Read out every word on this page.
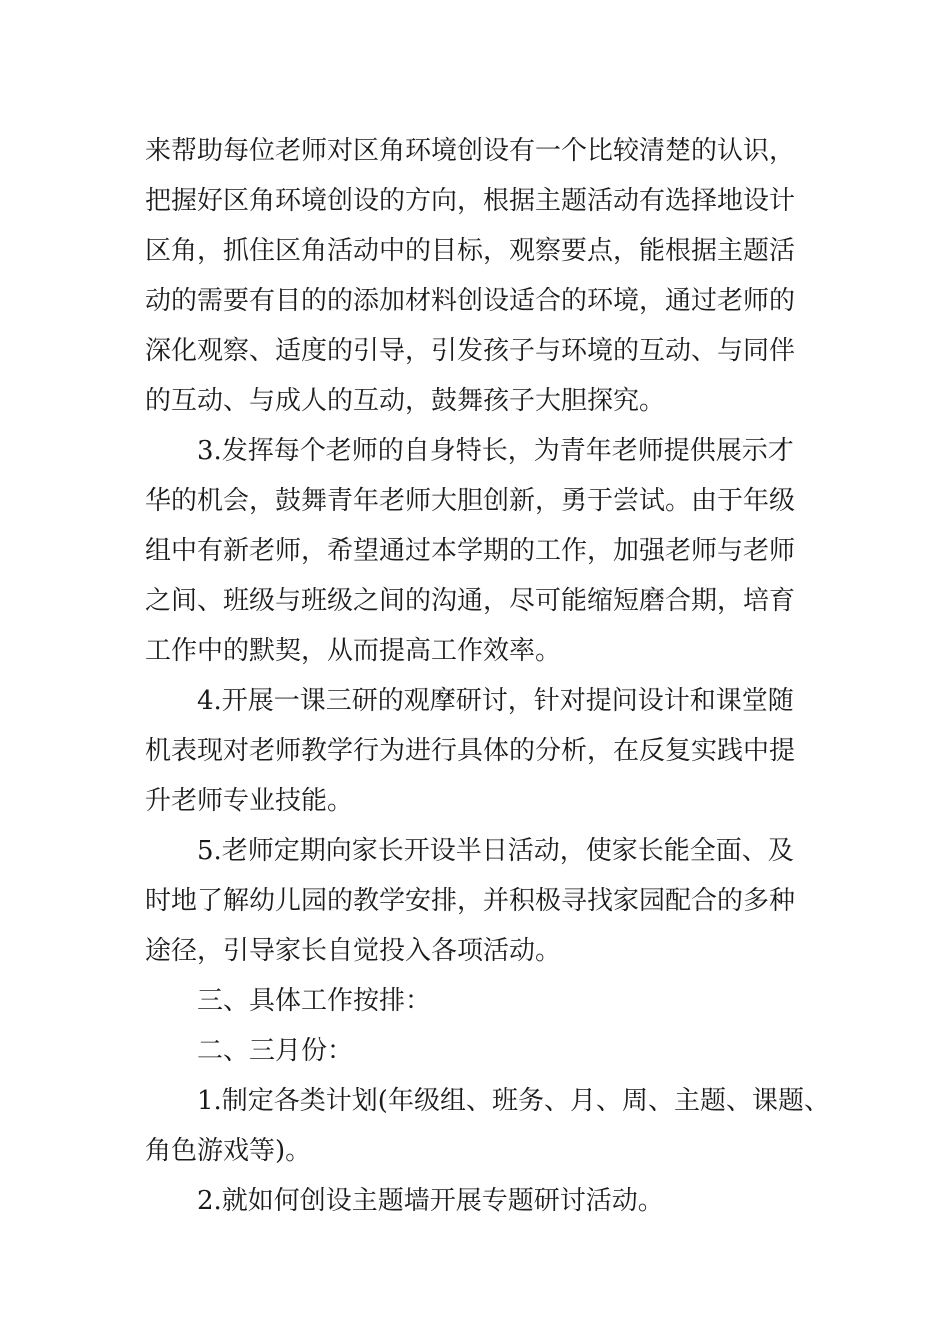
来帮助每位老师对区角环境创设有一个比较清楚的认识，

把握好区角环境创设的方向，根据主题活动有选择地设计

区角，抓住区角活动中的目标，观察要点，能根据主题活

动的需要有目的的添加材料创设适合的环境，通过老师的

深化观察、适度的引导，引发孩子与环境的互动、与同伴

的互动、与成人的互动，鼓舞孩子大胆探究。

　　3.发挥每个老师的自身特长，为青年老师提供展示才

华的机会，鼓舞青年老师大胆创新，勇于尝试。由于年级

组中有新老师，希望通过本学期的工作，加强老师与老师

之间、班级与班级之间的沟通，尽可能缩短磨合期，培育

工作中的默契，从而提高工作效率。

　　4.开展一课三研的观摩研讨，针对提问设计和课堂随

机表现对老师教学行为进行具体的分析，在反复实践中提

升老师专业技能。

　　5.老师定期向家长开设半日活动，使家长能全面、及

时地了解幼儿园的教学安排，并积极寻找家园配合的多种

途径，引导家长自觉投入各项活动。

　　三、具体工作按排：

　　二、三月份：

　　1.制定各类计划(年级组、班务、月、周、主题、课题、

角色游戏等)。

　　2.就如何创设主题墙开展专题研讨活动。
